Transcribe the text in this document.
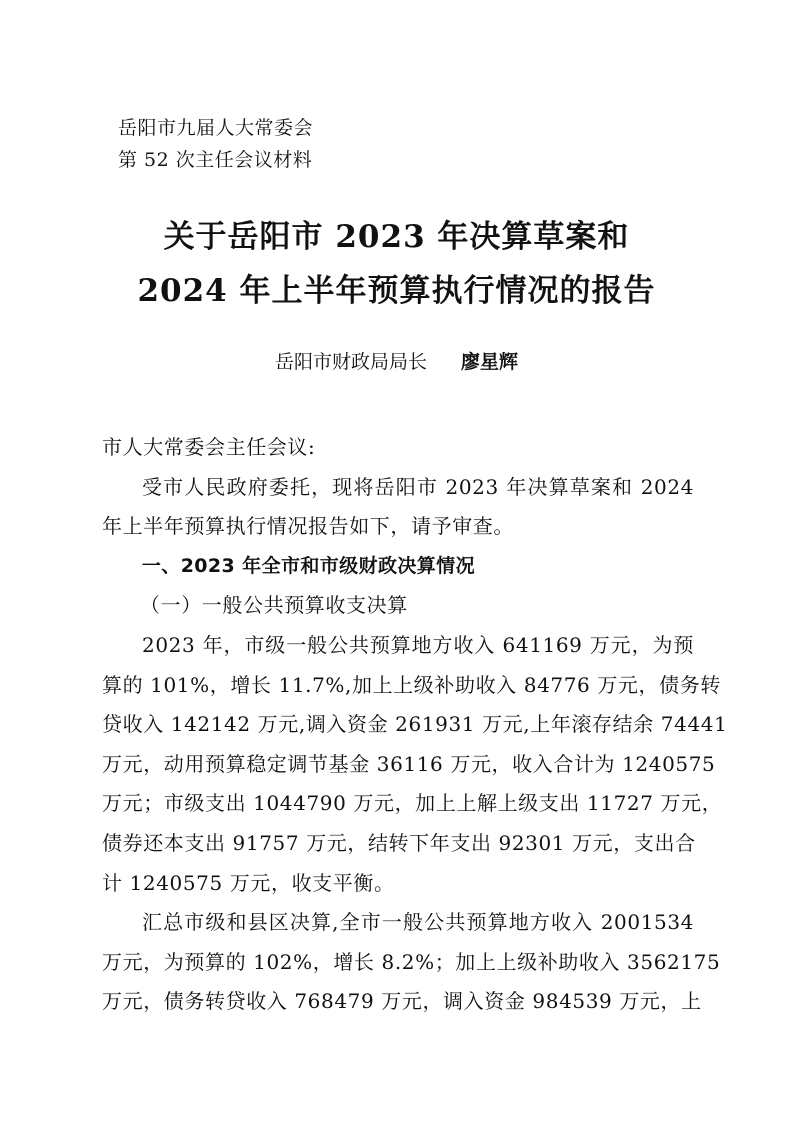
岳阳市九届人大常委会
第 52 次主任会议材料
关于岳阳市 2023 年决算草案和
2024 年上半年预算执行情况的报告
岳阳市财政局局长 廖星辉

市人大常委会主任会议:

受市人民政府委托，现将岳阳市 2023 年决算草案和 2024
年上半年预算执行情况报告如下，请予审查。

一、2023 年全市和市级财政决算情况

（一）一般公共预算收支决算

2023 年，市级一般公共预算地方收入 641169 万元，为预
算的 101%，增长 11.7%,加上上级补助收入 84776 万元，债务转
贷收入 142142 万元,调入资金 261931 万元,上年滚存结余 74441
万元，动用预算稳定调节基金 36116 万元，收入合计为 1240575
万元；市级支出 1044790 万元，加上上解上级支出 11727 万元，
债券还本支出 91757 万元，结转下年支出 92301 万元，支出合
计 1240575 万元，收支平衡。

汇总市级和县区决算,全市一般公共预算地方收入 2001534
万元，为预算的 102%，增长 8.2%；加上上级补助收入 3562175
万元，债务转贷收入 768479 万元，调入资金 984539 万元，上
